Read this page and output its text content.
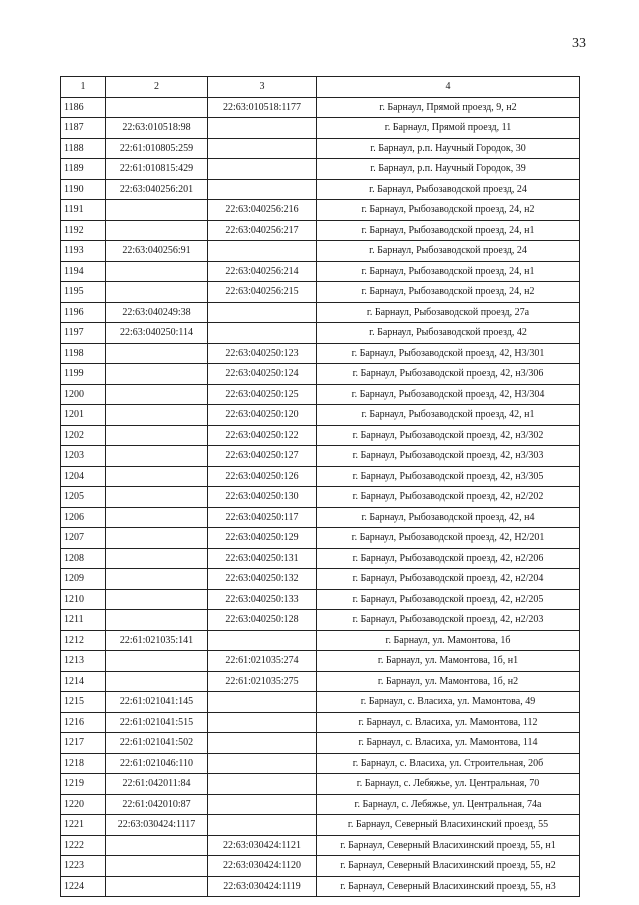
33
1	2	3	4
1186		22:63:010518:1177	г. Барнаул, Прямой проезд, 9, н2
1187	22:63:010518:98		г. Барнаул, Прямой проезд, 11
1188	22:61:010805:259		г. Барнаул, р.п. Научный Городок, 30
1189	22:61:010815:429		г. Барнаул, р.п. Научный Городок, 39
1190	22:63:040256:201		г. Барнаул, Рыбозаводской проезд, 24
1191		22:63:040256:216	г. Барнаул, Рыбозаводской проезд, 24, н2
1192		22:63:040256:217	г. Барнаул, Рыбозаводской проезд, 24, н1
1193	22:63:040256:91		г. Барнаул, Рыбозаводской проезд, 24
1194		22:63:040256:214	г. Барнаул, Рыбозаводской проезд, 24, н1
1195		22:63:040256:215	г. Барнаул, Рыбозаводской проезд, 24, н2
1196	22:63:040249:38		г. Барнаул, Рыбозаводской проезд, 27а
1197	22:63:040250:114		г. Барнаул, Рыбозаводской проезд, 42
1198		22:63:040250:123	г. Барнаул, Рыбозаводской проезд, 42, Н3/301
1199		22:63:040250:124	г. Барнаул, Рыбозаводской проезд, 42, н3/306
1200		22:63:040250:125	г. Барнаул, Рыбозаводской проезд, 42, Н3/304
1201		22:63:040250:120	г. Барнаул, Рыбозаводской проезд, 42, н1
1202		22:63:040250:122	г. Барнаул, Рыбозаводской проезд, 42, н3/302
1203		22:63:040250:127	г. Барнаул, Рыбозаводской проезд, 42, н3/303
1204		22:63:040250:126	г. Барнаул, Рыбозаводской проезд, 42, н3/305
1205		22:63:040250:130	г. Барнаул, Рыбозаводской проезд, 42, н2/202
1206		22:63:040250:117	г. Барнаул, Рыбозаводской проезд, 42, н4
1207		22:63:040250:129	г. Барнаул, Рыбозаводской проезд, 42, Н2/201
1208		22:63:040250:131	г. Барнаул, Рыбозаводской проезд, 42, н2/206
1209		22:63:040250:132	г. Барнаул, Рыбозаводской проезд, 42, н2/204
1210		22:63:040250:133	г. Барнаул, Рыбозаводской проезд, 42, н2/205
1211		22:63:040250:128	г. Барнаул, Рыбозаводской проезд, 42, н2/203
1212	22:61:021035:141		г. Барнаул, ул. Мамонтова, 1б
1213		22:61:021035:274	г. Барнаул, ул. Мамонтова, 1б, н1
1214		22:61:021035:275	г. Барнаул, ул. Мамонтова, 1б, н2
1215	22:61:021041:145		г. Барнаул, с. Власиха, ул. Мамонтова, 49
1216	22:61:021041:515		г. Барнаул, с. Власиха, ул. Мамонтова, 112
1217	22:61:021041:502		г. Барнаул, с. Власиха, ул. Мамонтова, 114
1218	22:61:021046:110		г. Барнаул, с. Власиха, ул. Строительная, 20б
1219	22:61:042011:84		г. Барнаул, с. Лебяжье, ул. Центральная, 70
1220	22:61:042010:87		г. Барнаул, с. Лебяжье, ул. Центральная, 74а
1221	22:63:030424:1117		г. Барнаул, Северный Власихинский проезд, 55
1222		22:63:030424:1121	г. Барнаул, Северный Власихинский проезд, 55, н1
1223		22:63:030424:1120	г. Барнаул, Северный Власихинский проезд, 55, н2
1224		22:63:030424:1119	г. Барнаул, Северный Власихинский проезд, 55, н3
